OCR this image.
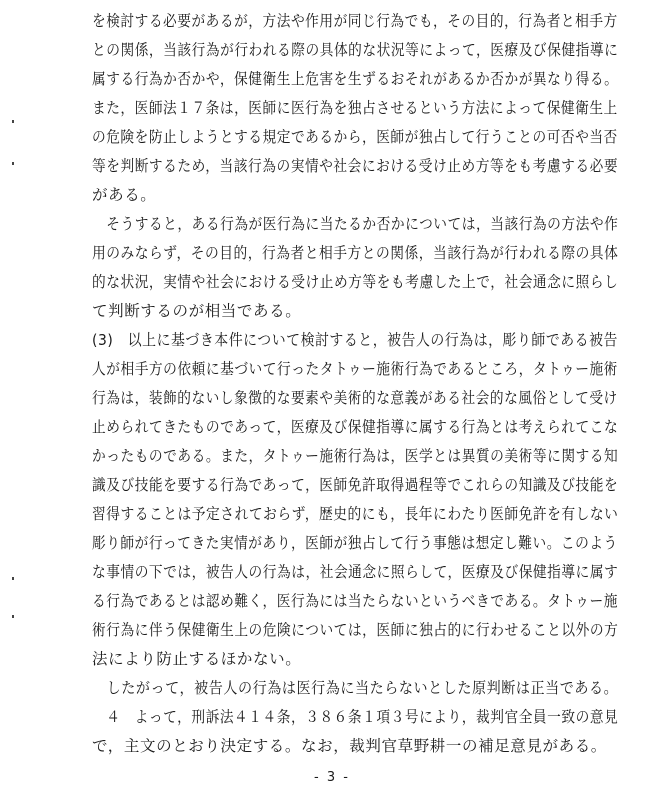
を検討する必要があるが，方法や作用が同じ行為でも，その目的，行為者と相手方
との関係，当該行為が行われる際の具体的な状況等によって，医療及び保健指導に
属する行為か否かや，保健衛生上危害を生ずるおそれがあるか否かが異なり得る。
また，医師法１７条は，医師に医行為を独占させるという方法によって保健衛生上
の危険を防止しようとする規定であるから，医師が独占して行うことの可否や当否
等を判断するため，当該行為の実情や社会における受け止め方等をも考慮する必要
がある。
　そうすると，ある行為が医行為に当たるか否かについては，当該行為の方法や作
用のみならず，その目的，行為者と相手方との関係，当該行為が行われる際の具体
的な状況，実情や社会における受け止め方等をも考慮した上で，社会通念に照らし
て判断するのが相当である。
(3)　以上に基づき本件について検討すると，被告人の行為は，彫り師である被告
人が相手方の依頼に基づいて行ったタトゥー施術行為であるところ，タトゥー施術
行為は，装飾的ないし象徴的な要素や美術的な意義がある社会的な風俗として受け
止められてきたものであって，医療及び保健指導に属する行為とは考えられてこな
かったものである。また，タトゥー施術行為は，医学とは異質の美術等に関する知
識及び技能を要する行為であって，医師免許取得過程等でこれらの知識及び技能を
習得することは予定されておらず，歴史的にも，長年にわたり医師免許を有しない
彫り師が行ってきた実情があり，医師が独占して行う事態は想定し難い。このよう
な事情の下では，被告人の行為は，社会通念に照らして，医療及び保健指導に属す
る行為であるとは認め難く，医行為には当たらないというべきである。タトゥー施
術行為に伴う保健衛生上の危険については，医師に独占的に行わせること以外の方
法により防止するほかない。
　したがって，被告人の行為は医行為に当たらないとした原判断は正当である。
　４　よって，刑訴法４１４条，３８６条１項３号により，裁判官全員一致の意見
で，主文のとおり決定する。なお，裁判官草野耕一の補足意見がある。
- 3 -
